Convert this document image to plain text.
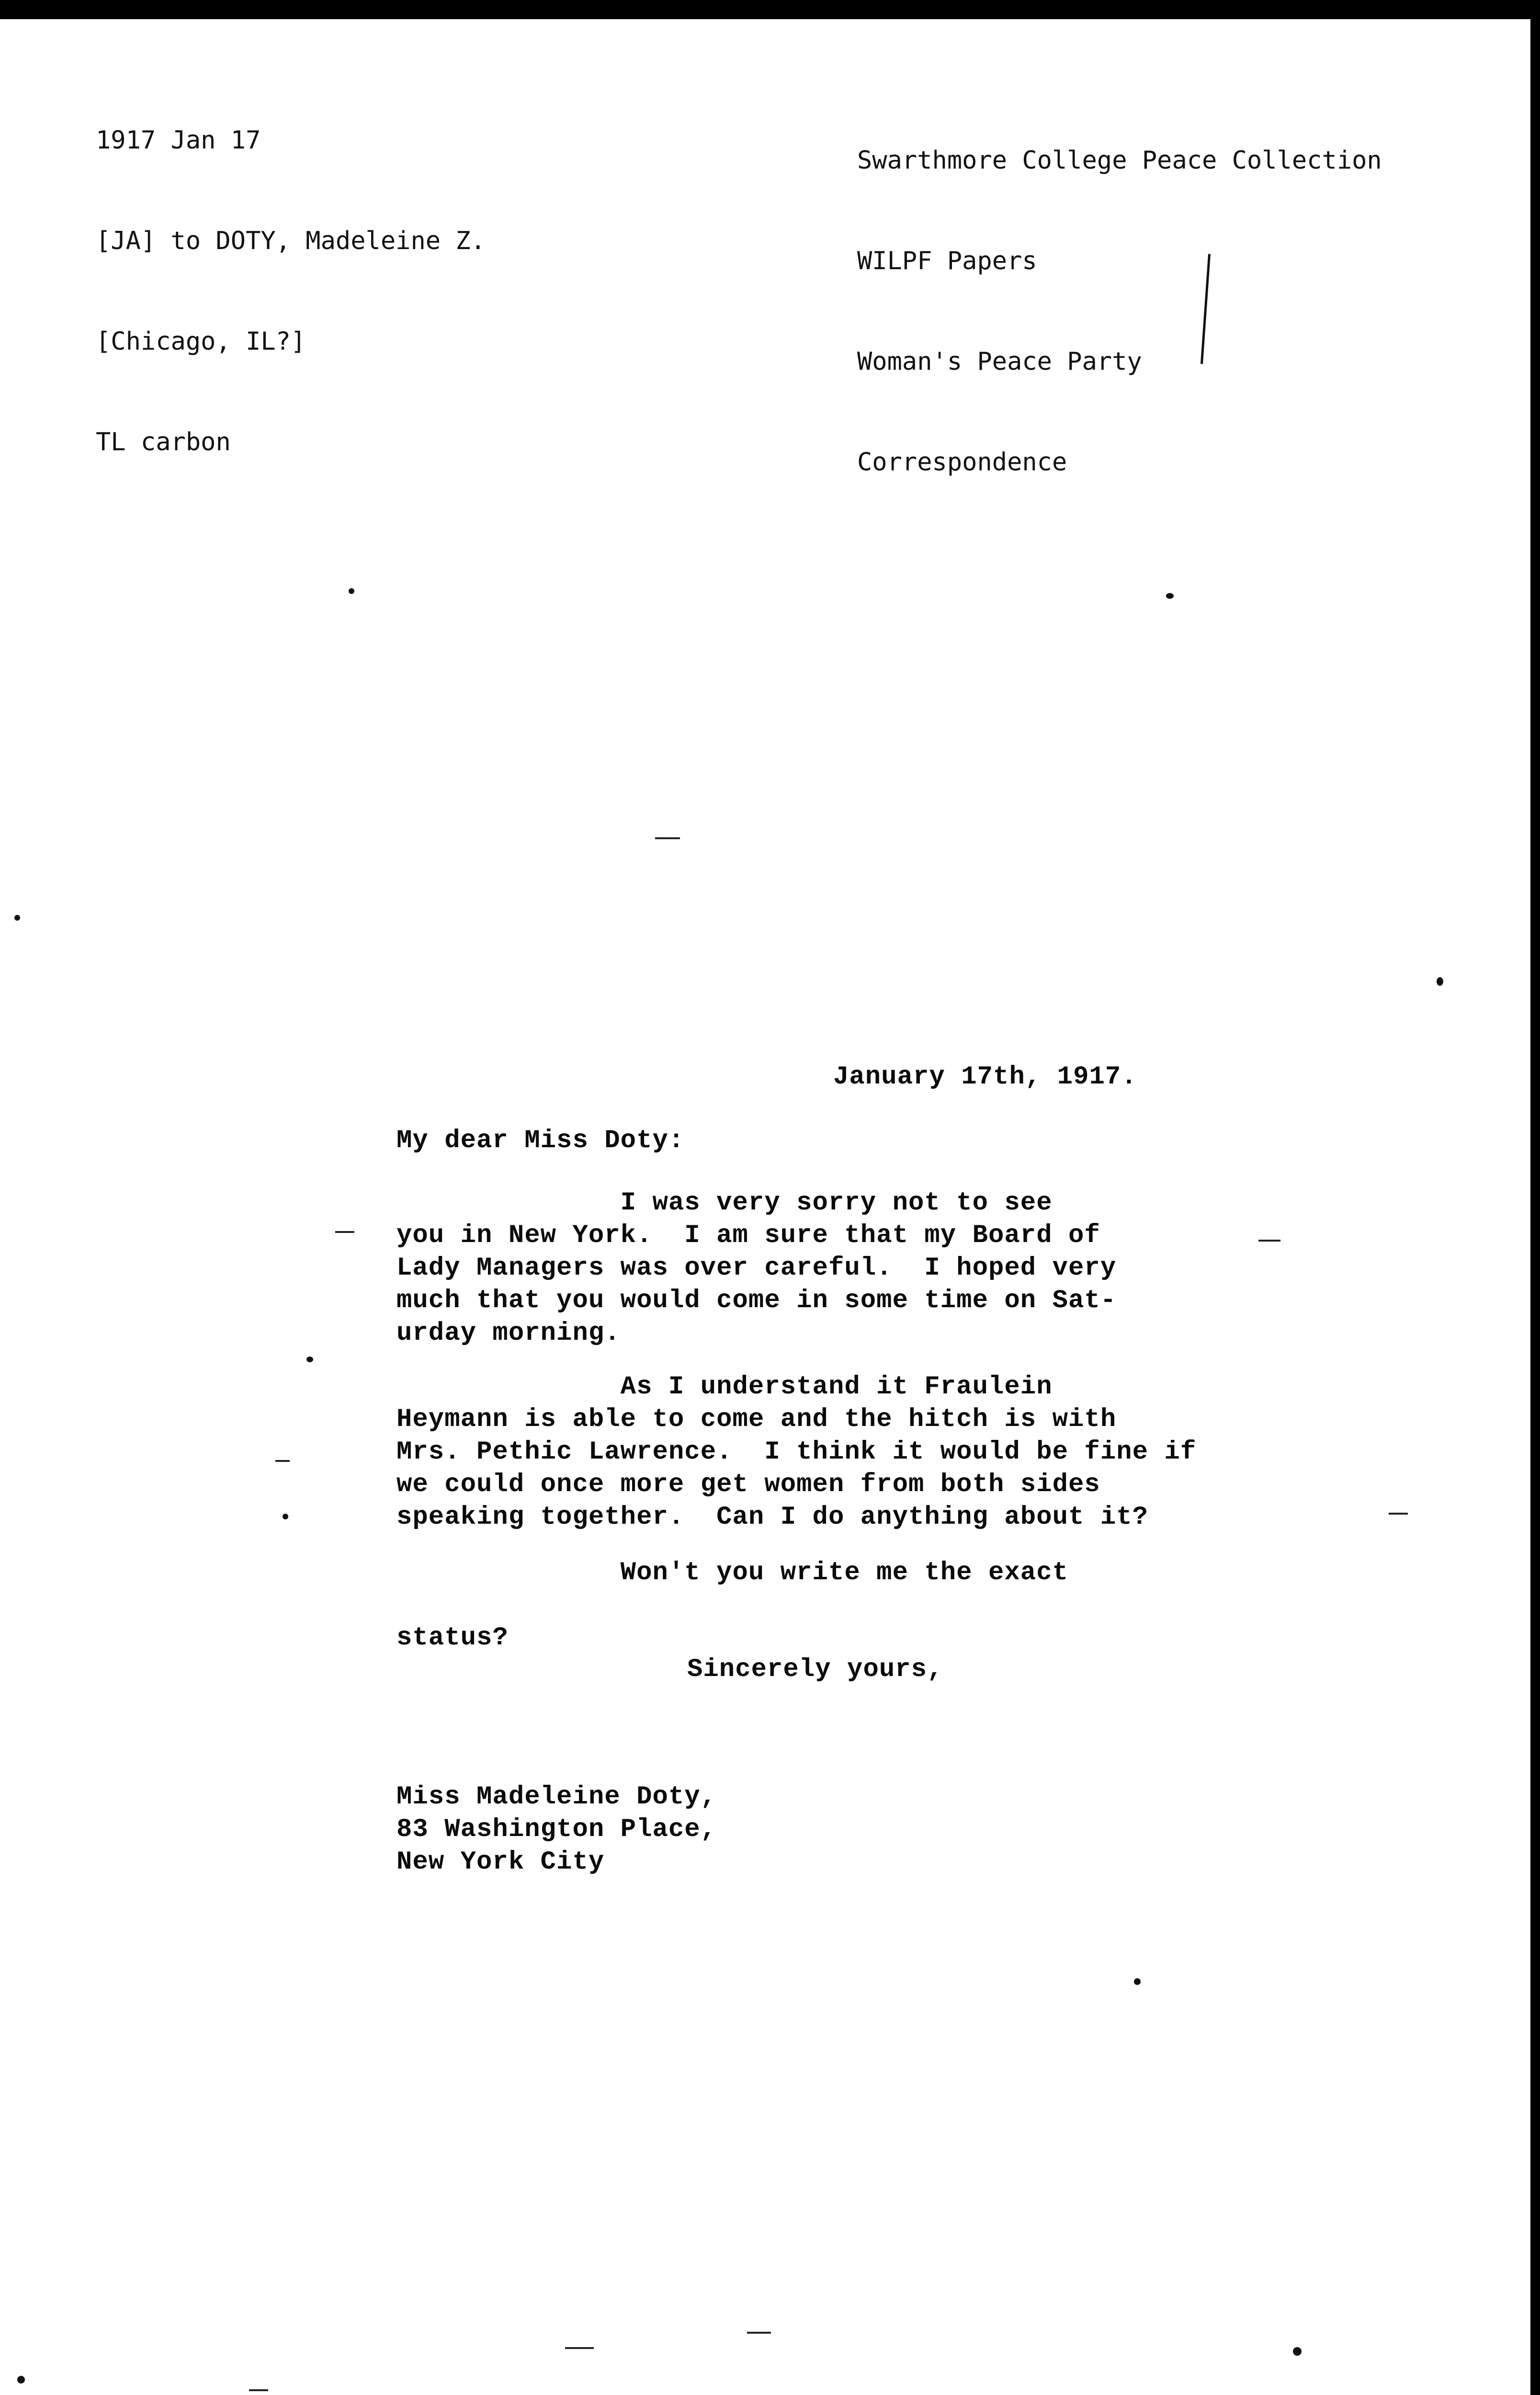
1917 Jan 17

[JA] to DOTY, Madeleine Z.

[Chicago, IL?]

TL carbon

Swarthmore College Peace Collection

WILPF Papers

Woman's Peace Party

Correspondence

January 17th, 1917.
My dear Miss Doty:
I was very sorry not to see
you in New York.  I am sure that my Board of
Lady Managers was over careful.  I hoped very
much that you would come in some time on Sat-
urday morning.
As I understand it Fraulein
Heymann is able to come and the hitch is with
Mrs. Pethic Lawrence.  I think it would be fine if
we could once more get women from both sides
speaking together.  Can I do anything about it?
Won't you write me the exact

status?
Sincerely yours,
Miss Madeleine Doty,
83 Washington Place,
New York City
